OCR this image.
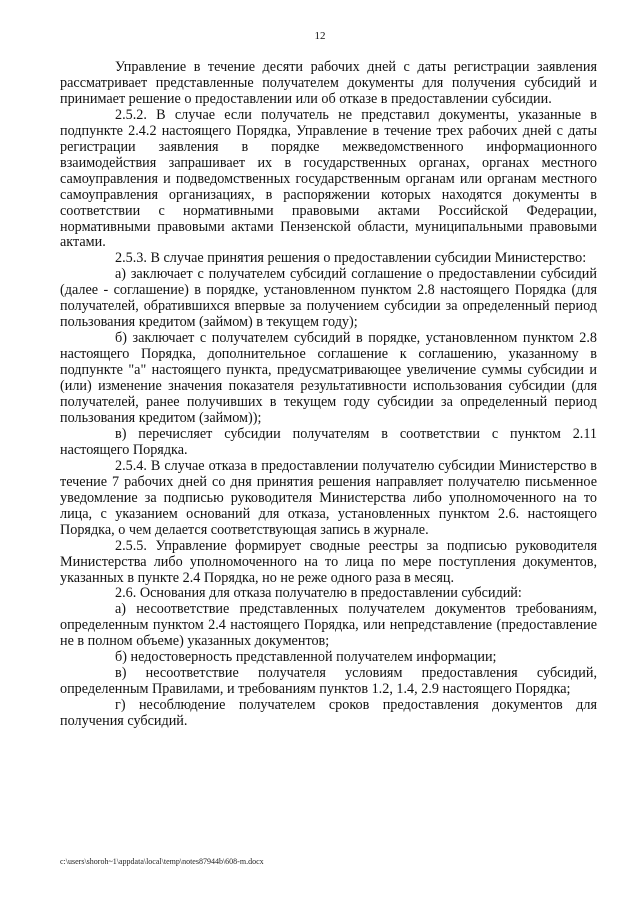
12

Управление в течение десяти рабочих дней с даты регистрации заявления рассматривает представленные получателем документы для получения субсидий и принимает решение о предоставлении или об отказе в предоставлении субсидии.

2.5.2. В случае если получатель не представил документы, указанные в подпункте 2.4.2 настоящего Порядка, Управление в течение трех рабочих дней с даты регистрации заявления в порядке межведомственного информационного взаимодействия запрашивает их в государственных органах, органах местного самоуправления и подведомственных государственным органам или органам местного самоуправления организациях, в распоряжении которых находятся документы в соответствии с нормативными правовыми актами Российской Федерации, нормативными правовыми актами Пензенской области, муниципальными правовыми актами.

2.5.3. В случае принятия решения о предоставлении субсидии Министерство:

а) заключает с получателем субсидий соглашение о предоставлении субсидий (далее - соглашение) в порядке, установленном пунктом 2.8 настоящего Порядка (для получателей, обратившихся впервые за получением субсидии за определенный период пользования кредитом (займом) в текущем году);

б) заключает с получателем субсидий в порядке, установленном пунктом 2.8 настоящего Порядка, дополнительное соглашение к соглашению, указанному в подпункте "а" настоящего пункта, предусматривающее увеличение суммы субсидии и (или) изменение значения показателя результативности использования субсидии (для получателей, ранее получивших в текущем году субсидии за определенный период пользования кредитом (займом));

в) перечисляет субсидии получателям в соответствии с пунктом 2.11 настоящего Порядка.

2.5.4. В случае отказа в предоставлении получателю субсидии Министерство в течение 7 рабочих дней со дня принятия решения направляет получателю письменное уведомление за подписью руководителя Министерства либо уполномоченного на то лица, с указанием оснований для отказа, установленных пунктом 2.6. настоящего Порядка, о чем делается соответствующая запись в журнале.

2.5.5. Управление формирует сводные реестры за подписью руководителя Министерства либо уполномоченного на то лица по мере поступления документов, указанных в пункте 2.4 Порядка, но не реже одного раза в месяц.

2.6. Основания для отказа получателю в предоставлении субсидий:

а) несоответствие представленных получателем документов требованиям, определенным пунктом 2.4 настоящего Порядка, или непредставление (предоставление не в полном объеме) указанных документов;

б) недостоверность представленной получателем информации;

в) несоответствие получателя условиям предоставления субсидий, определенным Правилами, и требованиям пунктов 1.2, 1.4, 2.9 настоящего Порядка;

г) несоблюдение получателем сроков предоставления документов для получения субсидий.

c:\users\shoroh~1\appdata\local\temp\notes87944b\608-m.docx
